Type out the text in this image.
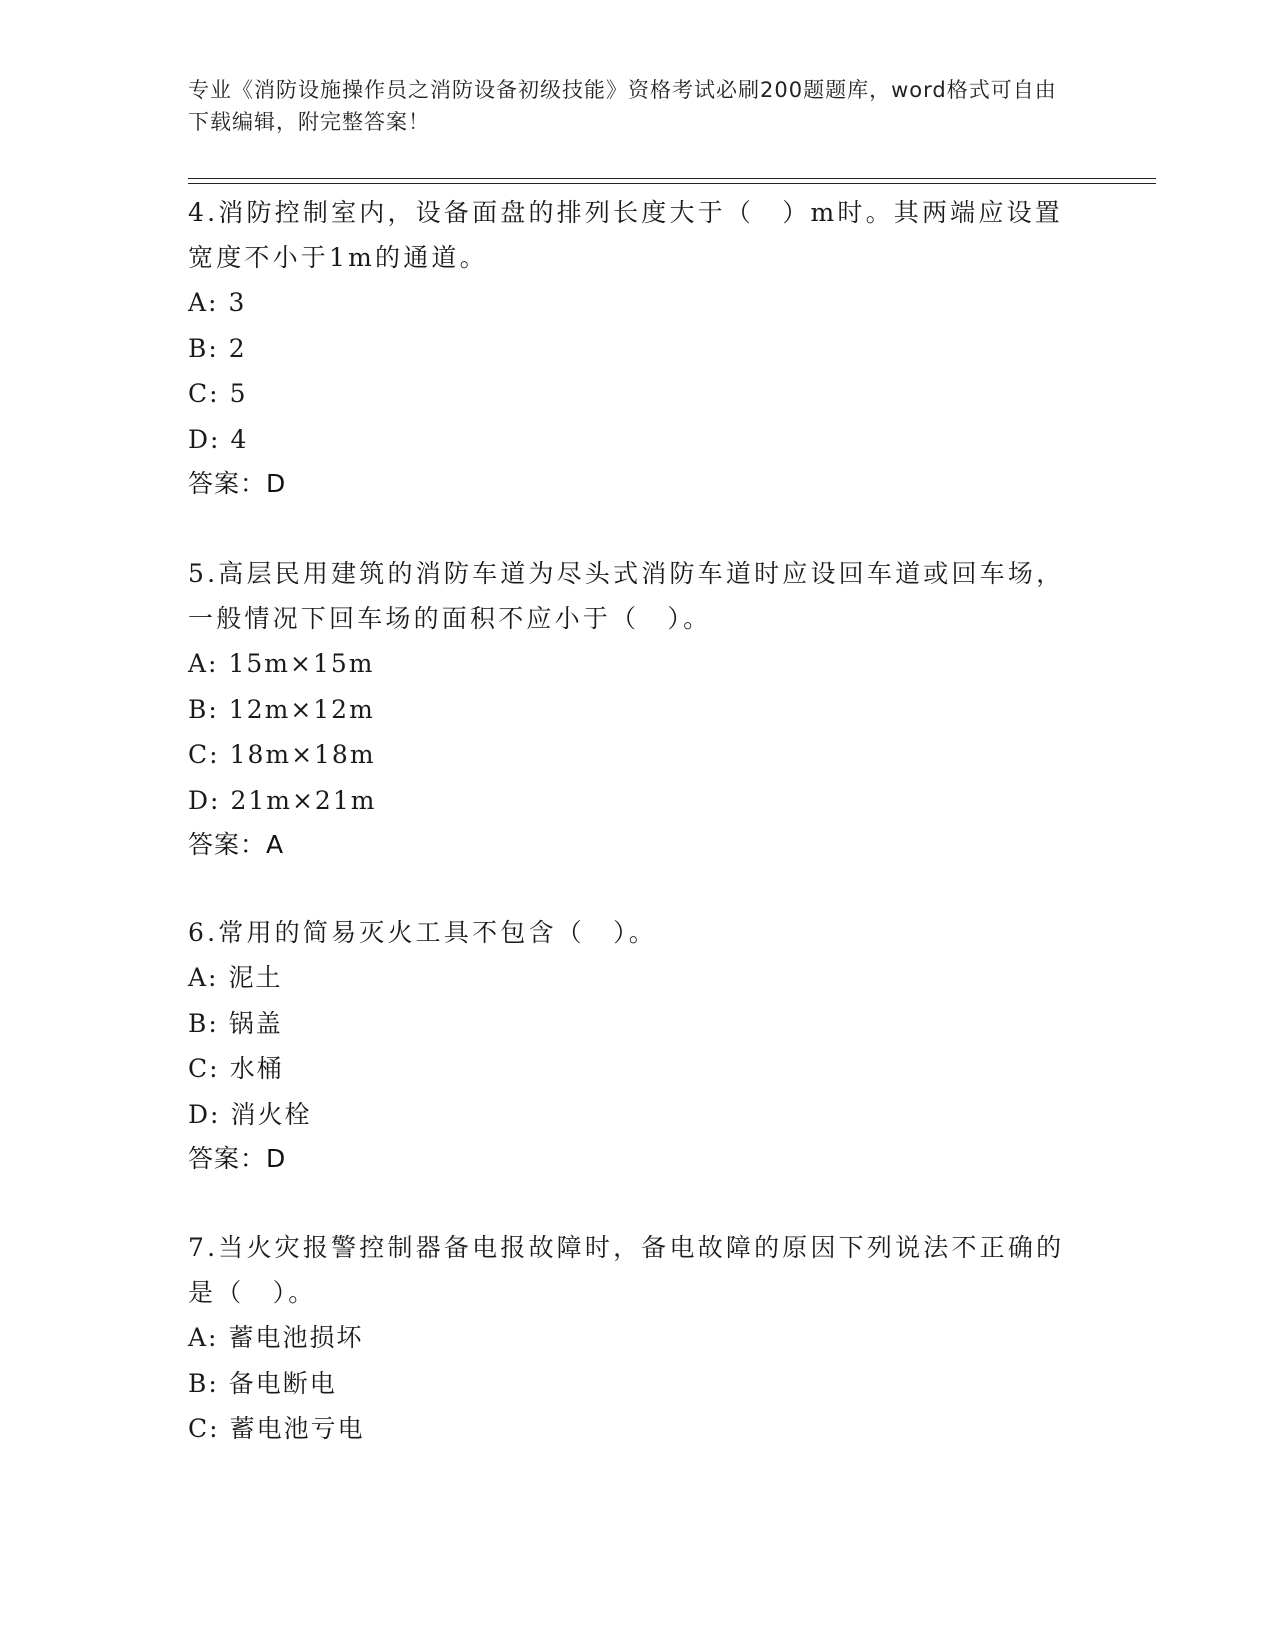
专业《消防设施操作员之消防设备初级技能》资格考试必刷200题题库，word格式可自由下载编辑，附完整答案！
4.消防控制室内，设备面盘的排列长度大于（　）m时。其两端应设置宽度不小于1m的通道。
A: 3
B: 2
C: 5
D: 4
答案：D
5.高层民用建筑的消防车道为尽头式消防车道时应设回车道或回车场，一般情况下回车场的面积不应小于（　）。
A: 15m×15m
B: 12m×12m
C: 18m×18m
D: 21m×21m
答案：A
6.常用的简易灭火工具不包含（　）。
A: 泥土
B: 锅盖
C: 水桶
D: 消火栓
答案：D
7.当火灾报警控制器备电报故障时，备电故障的原因下列说法不正确的是（　）。
A: 蓄电池损坏
B: 备电断电
C: 蓄电池亏电
